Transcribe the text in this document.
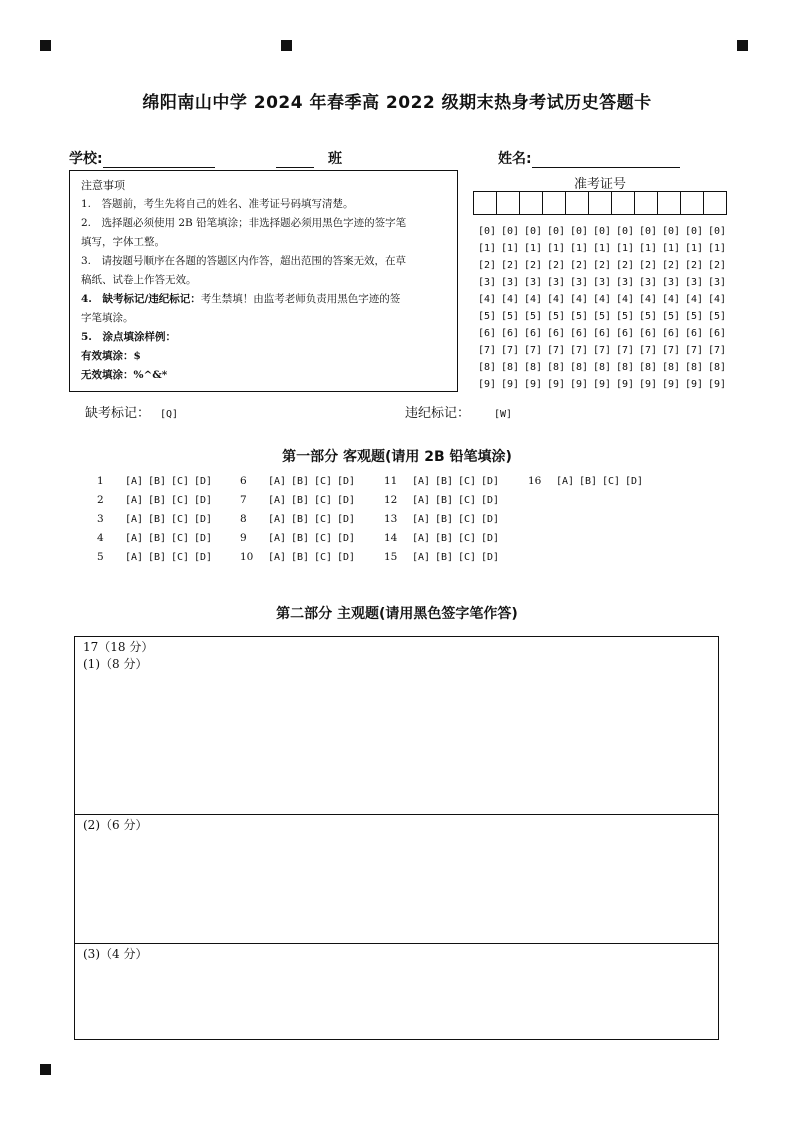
绵阳南山中学 2024 年春季高 2022 级期末热身考试历史答题卡
学校:	班	姓名:
注意事项
1.　答题前，考生先将自己的姓名、准考证号码填写清楚。
2.　选择题必须使用 2B 铅笔填涂；非选择题必须用黑色字迹的签字笔
填写，字体工整。
3.　请按题号顺序在各题的答题区内作答，超出范围的答案无效，在草
稿纸、试卷上作答无效。
4.　缺考标记/违纪标记：考生禁填！由监考老师负责用黑色字迹的签
字笔填涂。
5.　涂点填涂样例：
有效填涂：$
无效填涂：%^&*
准考证号
[0] [0] [0] [0] [0] [0] [0] [0] [0] [0] [0]
[1] [1] [1] [1] [1] [1] [1] [1] [1] [1] [1]
[2] [2] [2] [2] [2] [2] [2] [2] [2] [2] [2]
[3] [3] [3] [3] [3] [3] [3] [3] [3] [3] [3]
[4] [4] [4] [4] [4] [4] [4] [4] [4] [4] [4]
[5] [5] [5] [5] [5] [5] [5] [5] [5] [5] [5]
[6] [6] [6] [6] [6] [6] [6] [6] [6] [6] [6]
[7] [7] [7] [7] [7] [7] [7] [7] [7] [7] [7]
[8] [8] [8] [8] [8] [8] [8] [8] [8] [8] [8]
[9] [9] [9] [9] [9] [9] [9] [9] [9] [9] [9]
缺考标记： [Q]	违纪标记： [W]
第一部分 客观题(请用 2B 铅笔填涂)
1 [A] [B] [C] [D]
2 [A] [B] [C] [D]
3 [A] [B] [C] [D]
4 [A] [B] [C] [D]
5 [A] [B] [C] [D]
6 [A] [B] [C] [D]
7 [A] [B] [C] [D]
8 [A] [B] [C] [D]
9 [A] [B] [C] [D]
10 [A] [B] [C] [D]
11 [A] [B] [C] [D]
12 [A] [B] [C] [D]
13 [A] [B] [C] [D]
14 [A] [B] [C] [D]
15 [A] [B] [C] [D]
16 [A] [B] [C] [D]
第二部分 主观题(请用黑色签字笔作答)
17（18 分）
(1)（8 分）
(2)（6 分）
(3)（4 分）
